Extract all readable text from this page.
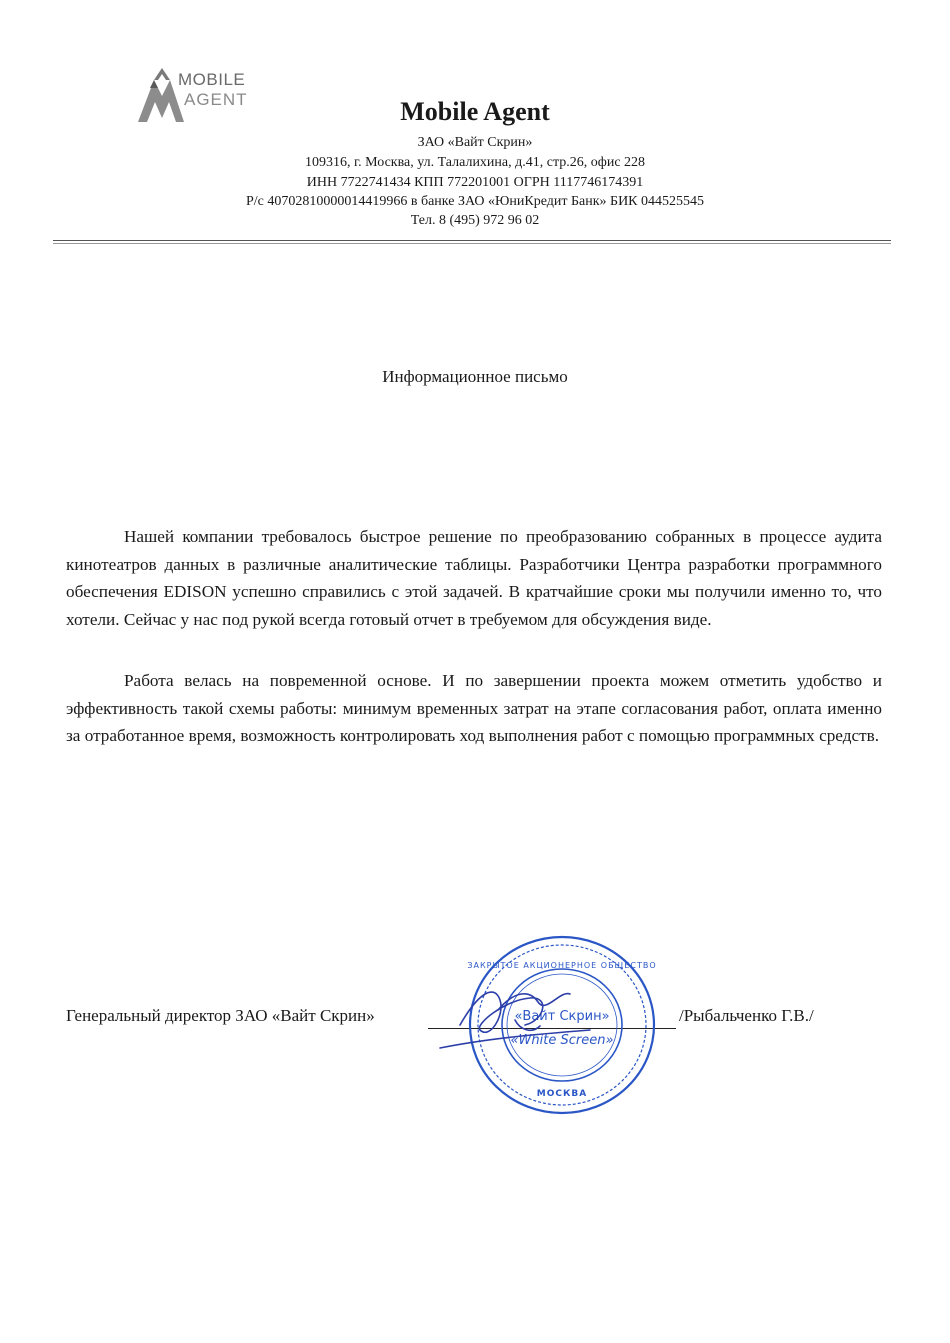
MOBILE
AGENT	Mobile Agent
ЗАО «Вайт Скрин»
109316, г. Москва, ул. Талалихина, д.41, стр.26, офис 228
ИНН 7722741434 КПП 772201001 ОГРН 1117746174391
Р/с 40702810000014419966 в банке ЗАО «ЮниКредит Банк» БИК 044525545
Тел. 8 (495) 972 96 02
Информационное письмо

Нашей компании требовалось быстрое решение по преобразованию собранных в процессе аудита кинотеатров данных в различные аналитические таблицы. Разработчики Центра разработки программного обеспечения EDISON успешно справились с этой задачей. В кратчайшие сроки мы получили именно то, что хотели. Сейчас у нас под рукой всегда готовый отчет в требуемом для обсуждения виде.

Работа велась на повременной основе. И по завершении проекта можем отметить удобство и эффективность такой схемы работы: минимум временных затрат на этапе согласования работ, оплата именно за отработанное время, возможность контролировать ход выполнения работ с помощью программных средств.

Генеральный директор ЗАО «Вайт Скрин»	/Рыбальченко Г.В./
ЗАКРЫТОЕ АКЦИОНЕРНОЕ ОБЩЕСТВО
МОСКВА
«Вайт Скрин»
«White Screen»
